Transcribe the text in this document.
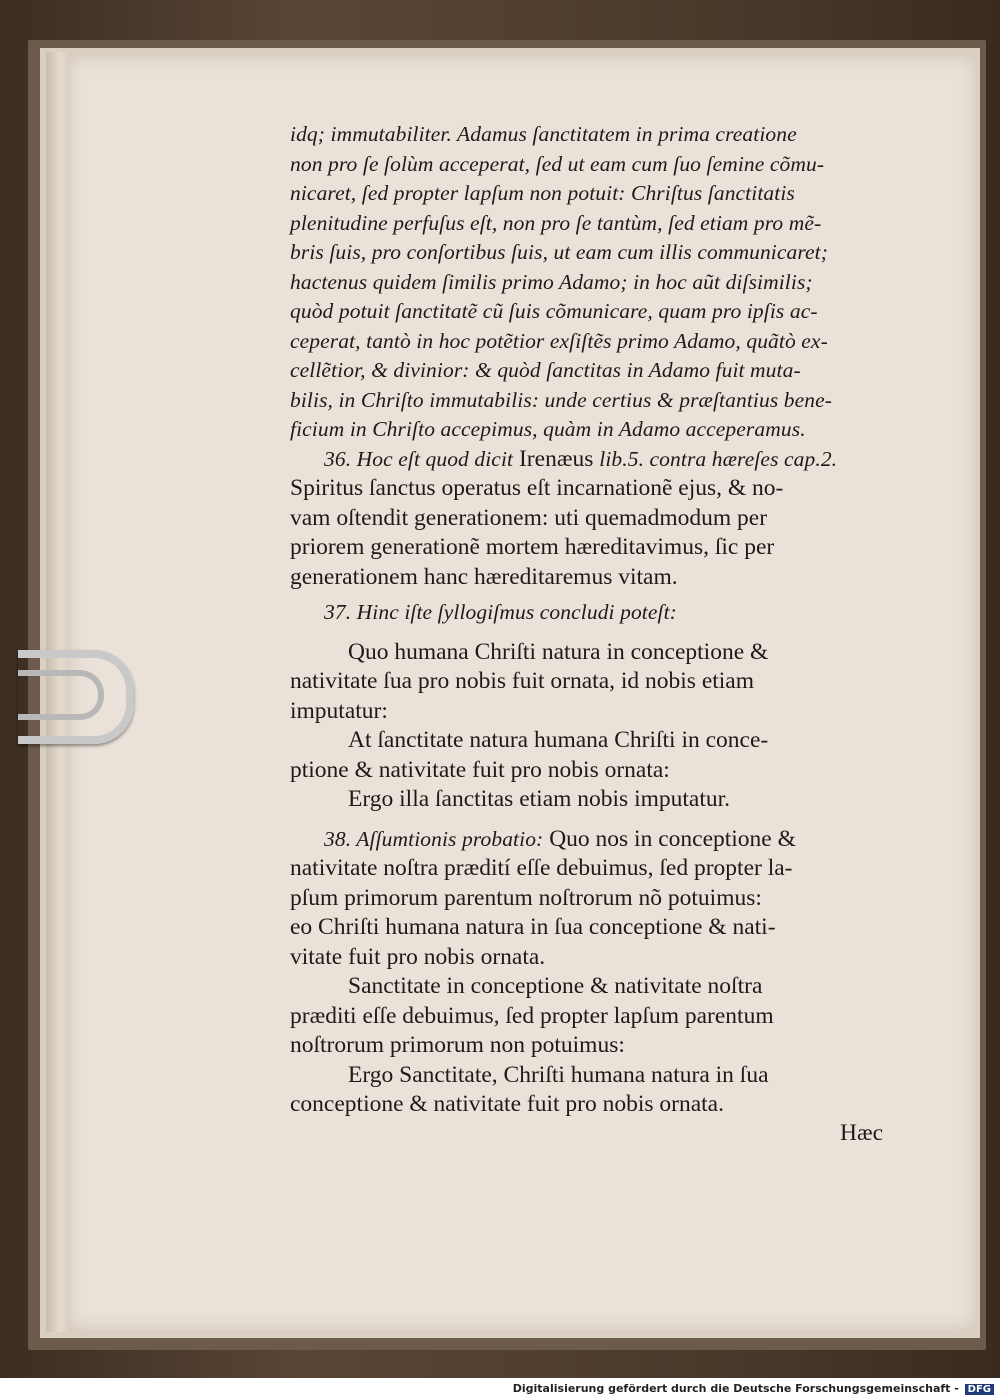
idq; immutabiliter. Adamus ſanctitatem in prima creatione
non pro ſe ſolùm acceperat, ſed ut eam cum ſuo ſemine cõmu-
nicaret, ſed propter lapſum non potuit: Chriſtus ſanctitatis
plenitudine perfuſus eſt, non pro ſe tantùm, ſed etiam pro mẽ-
bris ſuis, pro conſortibus ſuis, ut eam cum illis communicaret;
hactenus quidem ſimilis primo Adamo; in hoc aũt diſsimilis;
quòd potuit ſanctitatẽ cũ ſuis cõmunicare, quam pro ipſis ac-
ceperat, tantò in hoc potẽtior exſiſtẽs primo Adamo, quãtò ex-
cellẽtior, & divinior: & quòd ſanctitas in Adamo fuit muta-
bilis, in Chriſto immutabilis: unde certius & præſtantius bene-
ficium in Chriſto accepimus, quàm in Adamo acceperamus.
36. Hoc eſt quod dicit Irenæus lib.5. contra hæreſes cap.2.
Spiritus ſanctus operatus eſt incarnationẽ ejus, & no-
vam oſtendit generationem: uti quemadmodum per
priorem generationẽ mortem hæreditavimus, ſic per
generationem hanc hæreditaremus vitam.
37. Hinc iſte ſyllogiſmus concludi poteſt:
Quo humana Chriſti natura in conceptione &
nativitate ſua pro nobis fuit ornata, id nobis etiam
imputatur:
At ſanctitate natura humana Chriſti in conce-
ptione & nativitate fuit pro nobis ornata:
Ergo illa ſanctitas etiam nobis imputatur.
38. Aſſumtionis probatio: Quo nos in conceptione &
nativitate noſtra prædití eſſe debuimus, ſed propter la-
pſum primorum parentum noſtrorum nõ potuimus:
eo Chriſti humana natura in ſua conceptione & nati-
vitate fuit pro nobis ornata.
Sanctitate in conceptione & nativitate noſtra
præditi eſſe debuimus, ſed propter lapſum parentum
noſtrorum primorum non potuimus:
Ergo Sanctitate, Chriſti humana natura in ſua
conceptione & nativitate fuit pro nobis ornata.
Hæc
Digitalisierung gefördert durch die Deutsche Forschungsgemeinschaft - DFG
